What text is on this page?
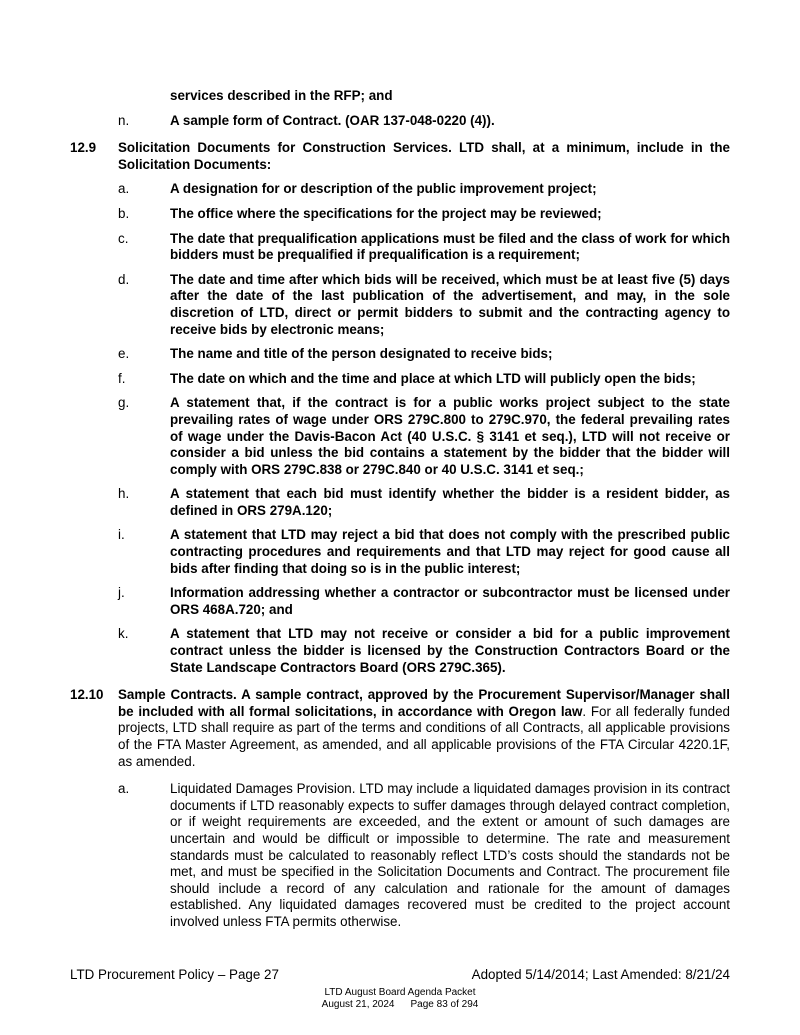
services described in the RFP; and
n.	A sample form of Contract. (OAR 137-048-0220 (4)).
12.9	Solicitation Documents for Construction Services. LTD shall, at a minimum, include in the Solicitation Documents:
a.	A designation for or description of the public improvement project;
b.	The office where the specifications for the project may be reviewed;
c.	The date that prequalification applications must be filed and the class of work for which bidders must be prequalified if prequalification is a requirement;
d.	The date and time after which bids will be received, which must be at least five (5) days after the date of the last publication of the advertisement, and may, in the sole discretion of LTD, direct or permit bidders to submit and the contracting agency to receive bids by electronic means;
e.	The name and title of the person designated to receive bids;
f.	The date on which and the time and place at which LTD will publicly open the bids;
g.	A statement that, if the contract is for a public works project subject to the state prevailing rates of wage under ORS 279C.800 to 279C.970, the federal prevailing rates of wage under the Davis-Bacon Act (40 U.S.C. § 3141 et seq.), LTD will not receive or consider a bid unless the bid contains a statement by the bidder that the bidder will comply with ORS 279C.838 or 279C.840 or 40 U.S.C. 3141 et seq.;
h.	A statement that each bid must identify whether the bidder is a resident bidder, as defined in ORS 279A.120;
i.	A statement that LTD may reject a bid that does not comply with the prescribed public contracting procedures and requirements and that LTD may reject for good cause all bids after finding that doing so is in the public interest;
j.	Information addressing whether a contractor or subcontractor must be licensed under ORS 468A.720; and
k.	A statement that LTD may not receive or consider a bid for a public improvement contract unless the bidder is licensed by the Construction Contractors Board or the State Landscape Contractors Board (ORS 279C.365).
12.10	Sample Contracts. A sample contract, approved by the Procurement Supervisor/Manager shall be included with all formal solicitations, in accordance with Oregon law. For all federally funded projects, LTD shall require as part of the terms and conditions of all Contracts, all applicable provisions of the FTA Master Agreement, as amended, and all applicable provisions of the FTA Circular 4220.1F, as amended.
a.	Liquidated Damages Provision. LTD may include a liquidated damages provision in its contract documents if LTD reasonably expects to suffer damages through delayed contract completion, or if weight requirements are exceeded, and the extent or amount of such damages are uncertain and would be difficult or impossible to determine. The rate and measurement standards must be calculated to reasonably reflect LTD’s costs should the standards not be met, and must be specified in the Solicitation Documents and Contract. The procurement file should include a record of any calculation and rationale for the amount of damages established. Any liquidated damages recovered must be credited to the project account involved unless FTA permits otherwise.
LTD Procurement Policy – Page 27	Adopted 5/14/2014; Last Amended: 8/21/24
LTD August Board Agenda Packet
August 21, 2024 Page 83 of 294
